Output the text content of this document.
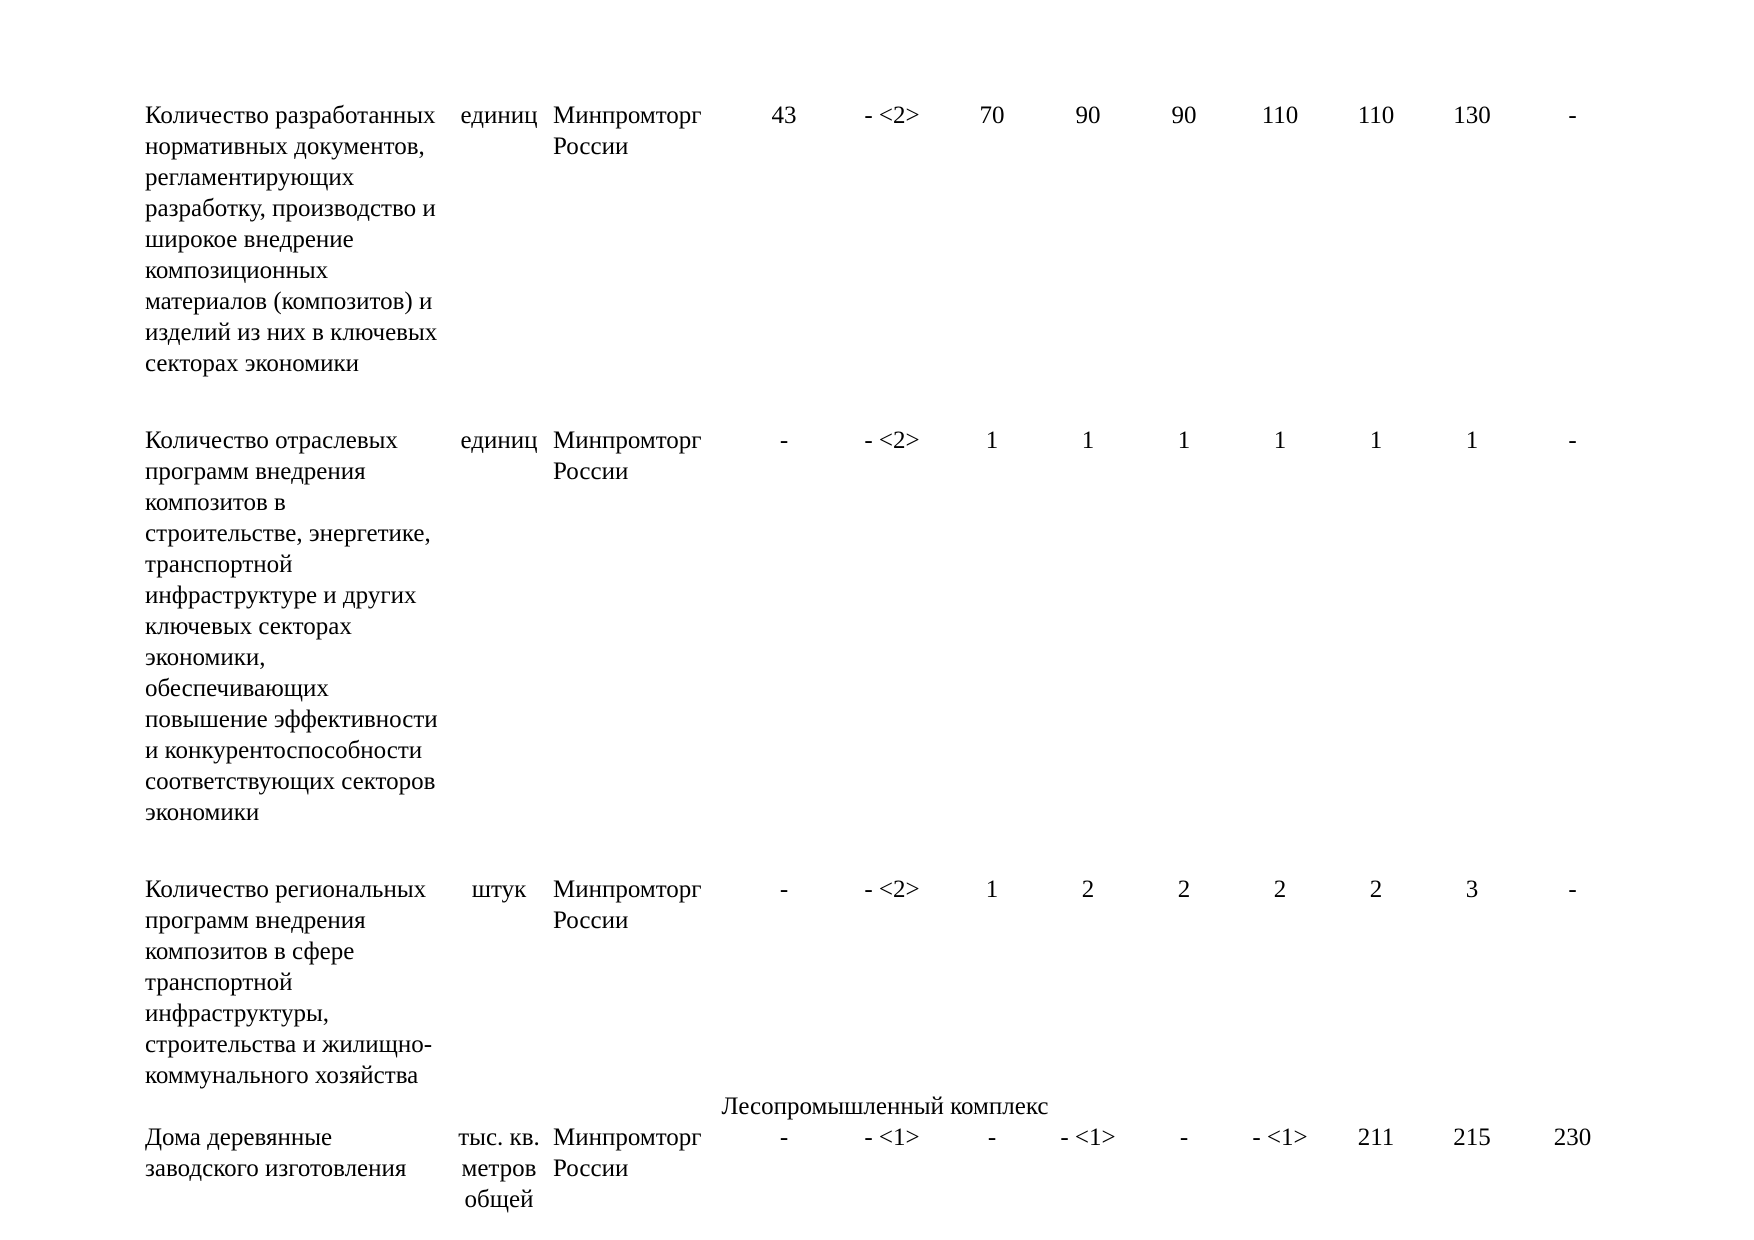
Количество разработанных нормативных документов, регламентирующих разработку, производство и широкое внедрение композиционных материалов (композитов) и изделий из них в ключевых секторах экономики	единиц	Минпромторг
России	43	- <2>	70	90	90	110	110	130	-

Количество отраслевых программ внедрения композитов в строительстве, энергетике, транспортной инфраструктуре и других ключевых секторах экономики, обеспечивающих повышение эффективности и конкурентоспособности соответствующих секторов экономики	единиц	Минпромторг
России	-	- <2>	1	1	1	1	1	1	-

Количество региональных программ внедрения композитов в сфере транспортной инфраструктуры, строительства и жилищно-коммунального хозяйства	штук	Минпромторг
России	-	- <2>	1	2	2	2	2	3	-

Лесопромышленный комплекс											

Дома деревянные заводского изготовления	тыс. кв.
метров
общей	Минпромторг
России	-	- <1>	-	- <1>	-	- <1>	211	215	230
